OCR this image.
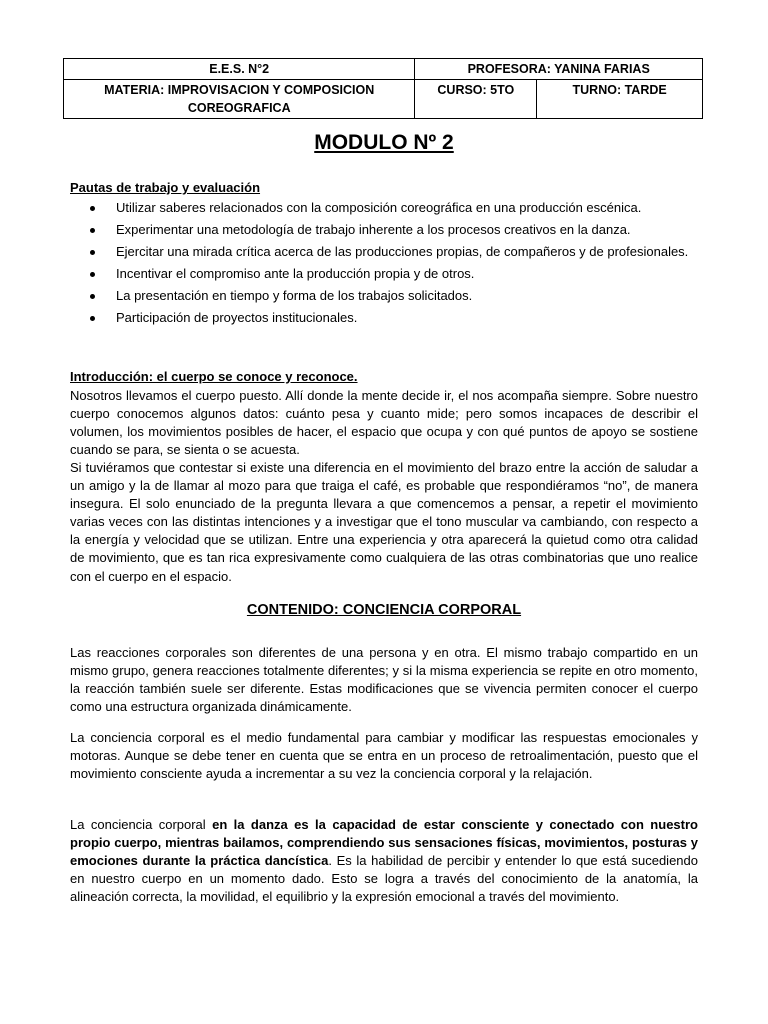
E.E.S. N°2	PROFESORA: YANINA FARIAS	
MATERIA: IMPROVISACION Y COMPOSICION COREOGRAFICA	CURSO: 5TO	TURNO: TARDE
MODULO Nº 2
Pautas de trabajo y evaluación
Utilizar saberes relacionados con la composición coreográfica en una producción escénica.
Experimentar una metodología de trabajo inherente a los procesos creativos en la danza.
Ejercitar una mirada crítica acerca de las producciones propias, de compañeros y de profesionales.
Incentivar el compromiso ante la producción propia y de otros.
La presentación en tiempo y forma de los trabajos solicitados.
Participación de proyectos institucionales.
Introducción: el cuerpo se conoce y reconoce.

Nosotros llevamos el cuerpo puesto. Allí donde la mente decide ir, el nos acompaña siempre. Sobre nuestro cuerpo conocemos algunos datos: cuánto pesa y cuanto mide; pero somos incapaces de describir el volumen, los movimientos posibles de hacer, el espacio que ocupa y con qué puntos de apoyo se sostiene cuando se para, se sienta o se acuesta.

Si tuviéramos que contestar si existe una diferencia en el movimiento del brazo entre la acción de saludar a un amigo y la de llamar al mozo para que traiga el café, es probable que respondiéramos “no”, de manera insegura. El solo enunciado de la pregunta llevara a que comencemos a pensar, a repetir el movimiento varias veces con las distintas intenciones y a investigar que el tono muscular va cambiando, con respecto a la energía y velocidad que se utilizan. Entre una experiencia y otra aparecerá la quietud como otra calidad de movimiento, que es tan rica expresivamente como cualquiera de las otras combinatorias que uno realice con el cuerpo en el espacio.

CONTENIDO: CONCIENCIA CORPORAL

Las reacciones corporales son diferentes de una persona y en otra. El mismo trabajo compartido en un mismo grupo, genera reacciones totalmente diferentes; y si la misma experiencia se repite en otro momento, la reacción también suele ser diferente. Estas modificaciones que se vivencia permiten conocer el cuerpo como una estructura organizada dinámicamente.

La conciencia corporal es el medio fundamental para cambiar y modificar las respuestas emocionales y motoras. Aunque se debe tener en cuenta que se entra en un proceso de retroalimentación, puesto que el movimiento consciente ayuda a incrementar a su vez la conciencia corporal y la relajación.

La conciencia corporal en la danza es la capacidad de estar consciente y conectado con nuestro propio cuerpo, mientras bailamos, comprendiendo sus sensaciones físicas, movimientos, posturas y emociones durante la práctica dancística. Es la habilidad de percibir y entender lo que está sucediendo en nuestro cuerpo en un momento dado. Esto se logra a través del conocimiento de la anatomía, la alineación correcta, la movilidad, el equilibrio y la expresión emocional a través del movimiento.
